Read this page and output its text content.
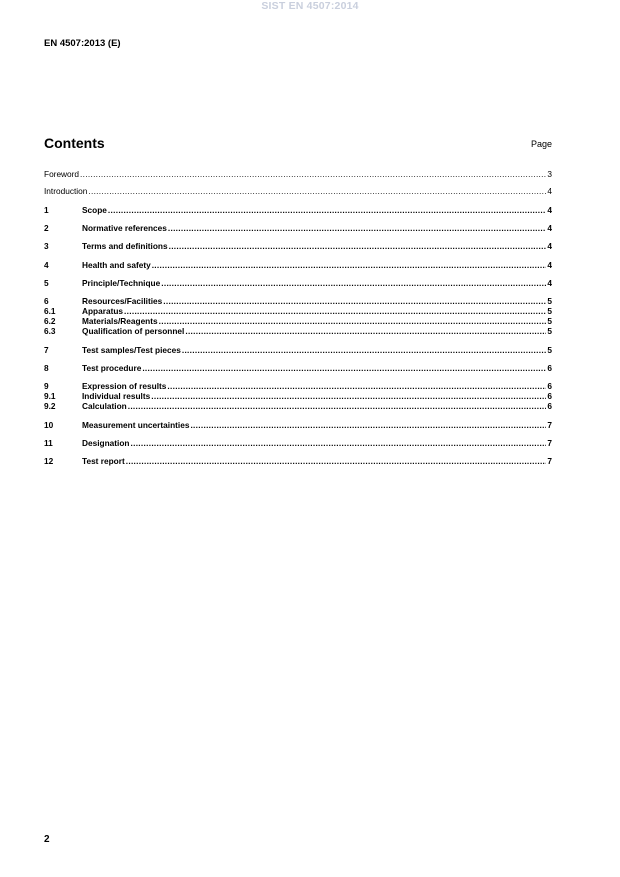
SIST EN 4507:2014
EN 4507:2013 (E)
Contents	Page
Foreword .....	3
Introduction .....	4
1	Scope .....	4
2	Normative references .....	4
3	Terms and definitions .....	4
4	Health and safety .....	4
5	Principle/Technique .....	4
6	Resources/Facilities .....	5
6.1	Apparatus .....	5
6.2	Materials/Reagents .....	5
6.3	Qualification of personnel .....	5
7	Test samples/Test pieces .....	5
8	Test procedure .....	6
9	Expression of results .....	6
9.1	Individual results .....	6
9.2	Calculation .....	6
10	Measurement uncertainties .....	7
11	Designation .....	7
12	Test report .....	7
2
